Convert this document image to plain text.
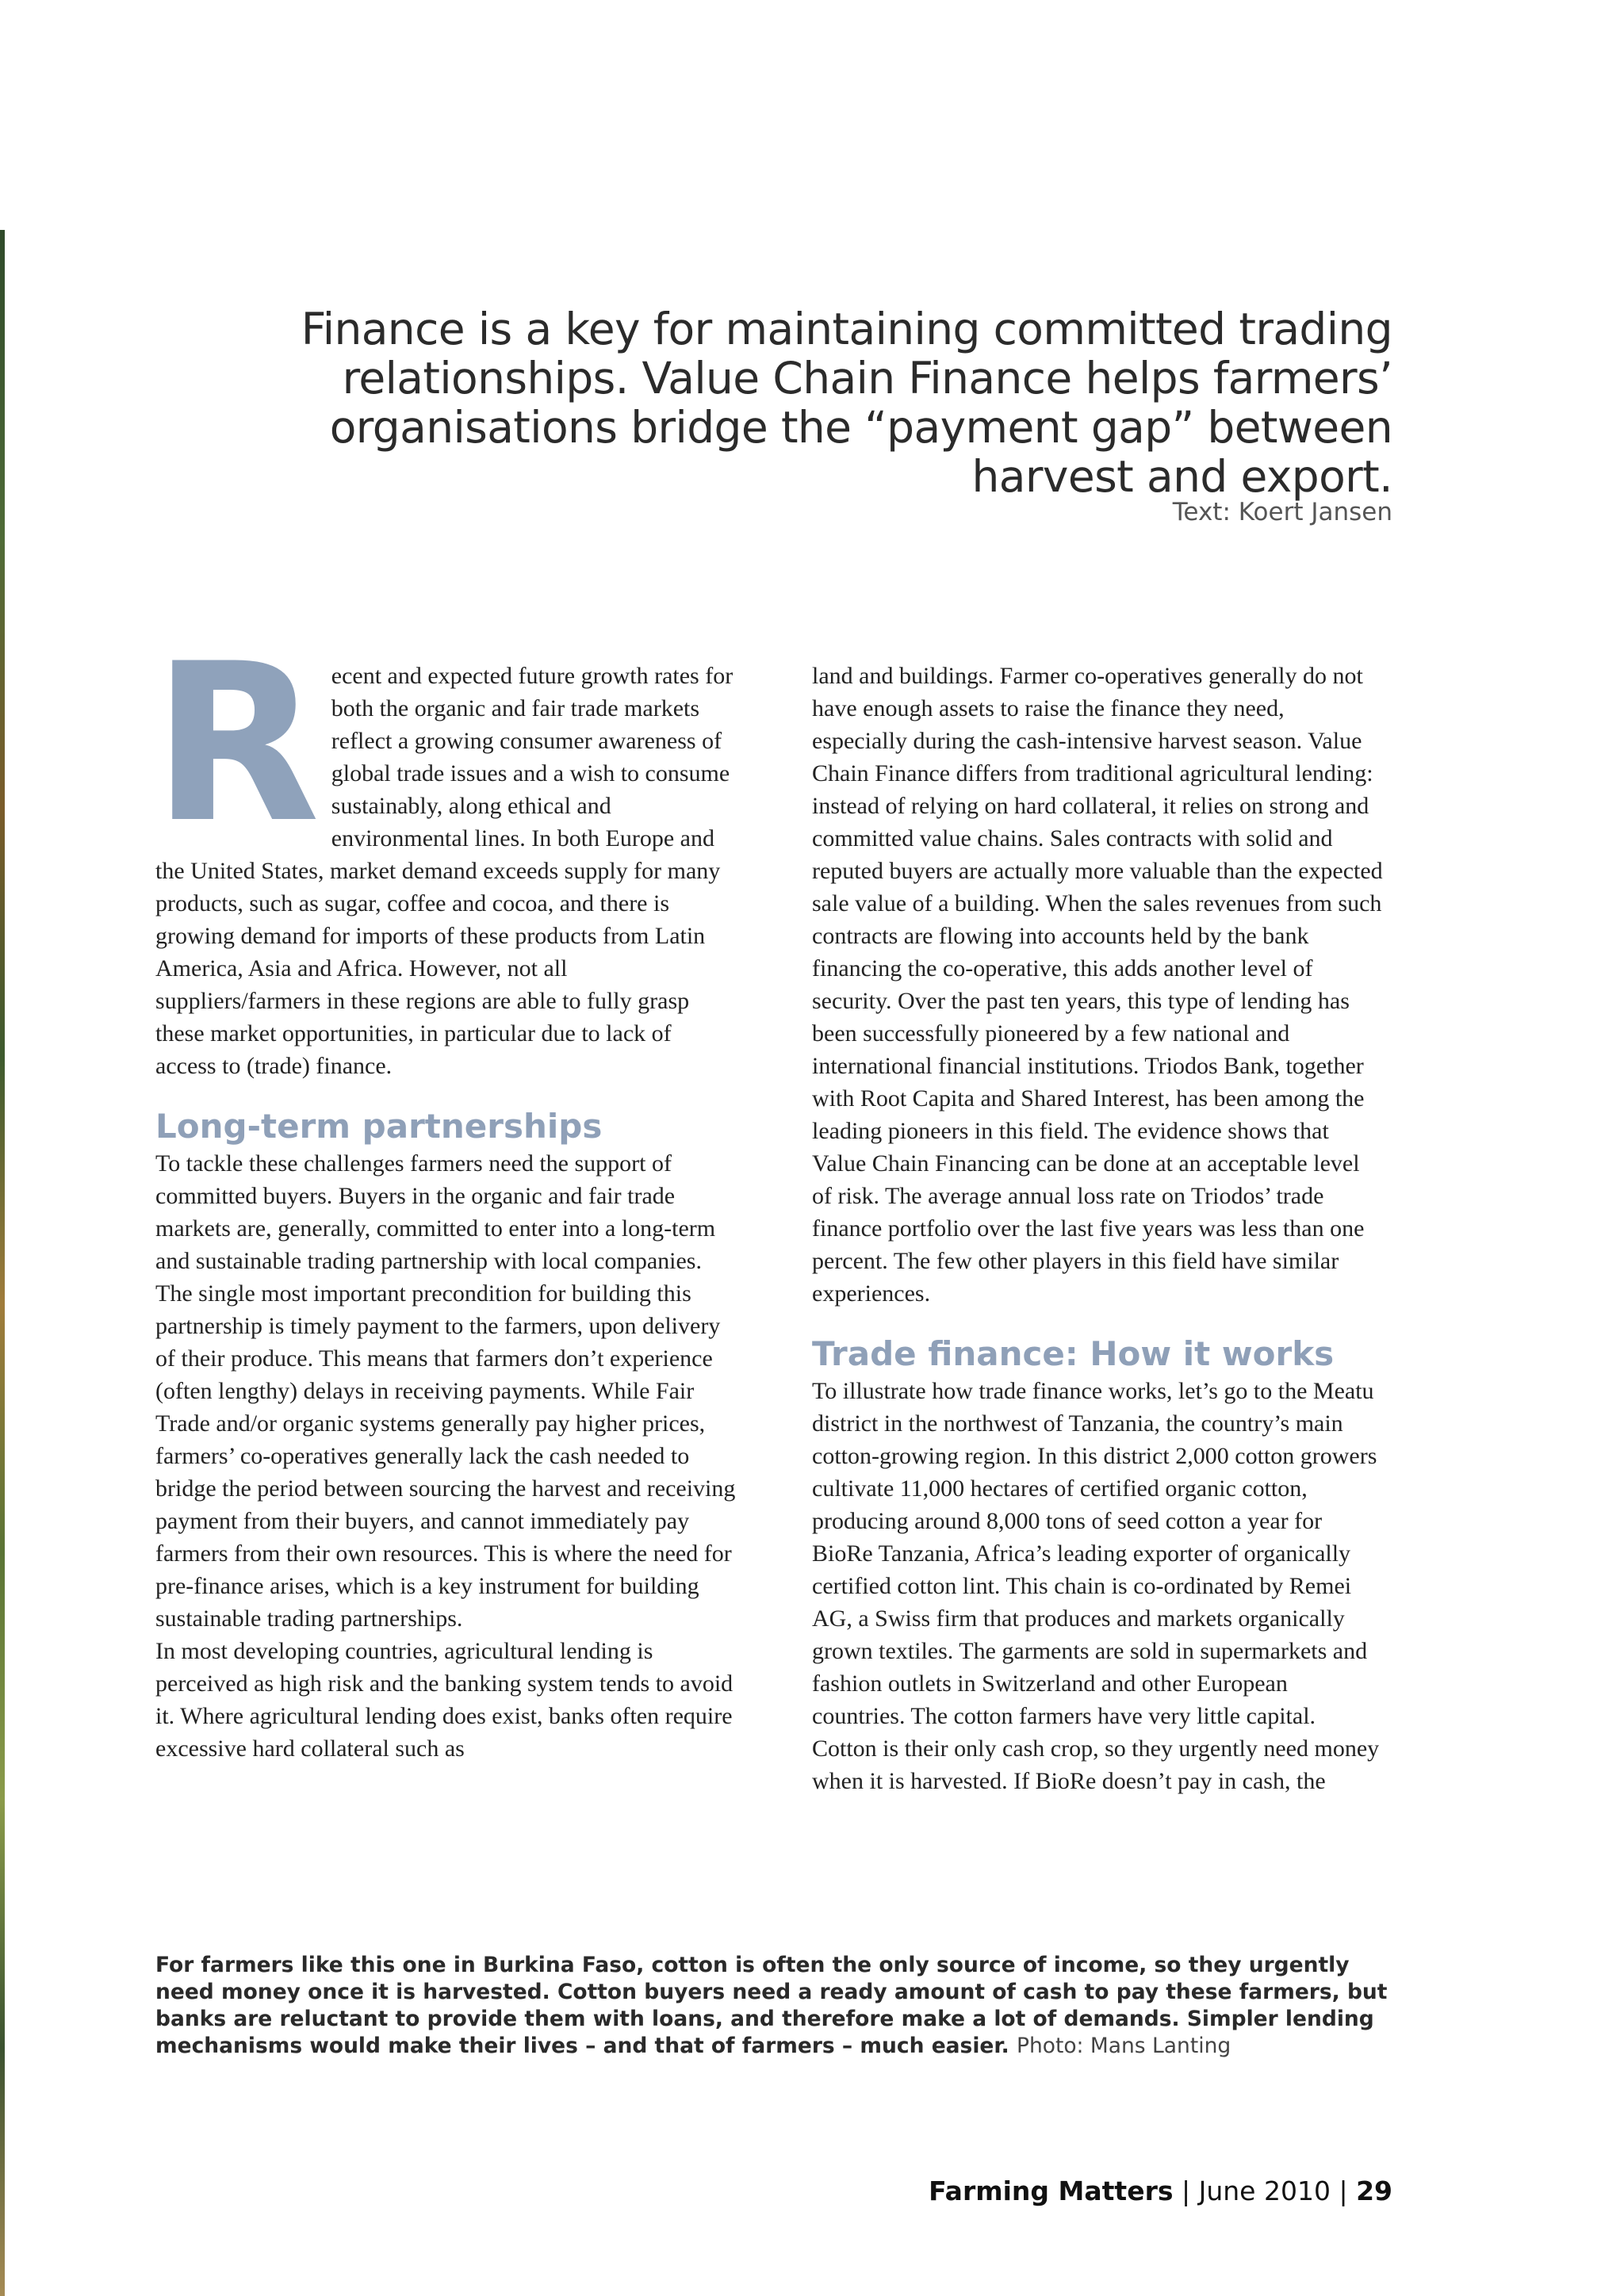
Finance is a key for maintaining committed trading relationships. Value Chain Finance helps farmers’ organisations bridge the “payment gap” between harvest and export.

Text: Koert Jansen

Recent and expected future growth rates for both the organic and fair trade markets reflect a growing consumer awareness of global trade issues and a wish to consume sustainably, along ethical and environmental lines. In both Europe and the United States, market demand exceeds supply for many products, such as sugar, coffee and cocoa, and there is growing demand for imports of these products from Latin America, Asia and Africa. However, not all suppliers/farmers in these regions are able to fully grasp these market opportunities, in particular due to lack of access to (trade) finance.

Long-term partnerships

To tackle these challenges farmers need the support of committed buyers. Buyers in the organic and fair trade markets are, generally, committed to enter into a long-term and sustainable trading partnership with local companies.

The single most important precondition for building this partnership is timely payment to the farmers, upon delivery of their produce. This means that farmers don’t experience (often lengthy) delays in receiving payments. While Fair Trade and/or organic systems generally pay higher prices, farmers’ co-operatives generally lack the cash needed to bridge the period between sourcing the harvest and receiving payment from their buyers, and cannot immediately pay farmers from their own resources. This is where the need for pre-finance arises, which is a key instrument for building sustainable trading partnerships.

In most developing countries, agricultural lending is perceived as high risk and the banking system tends to avoid it. Where agricultural lending does exist, banks often require excessive hard collateral such as

land and buildings. Farmer co-operatives generally do not have enough assets to raise the finance they need, especially during the cash-intensive harvest season. Value Chain Finance differs from traditional agricultural lending: instead of relying on hard collateral, it relies on strong and committed value chains. Sales contracts with solid and reputed buyers are actually more valuable than the expected sale value of a building. When the sales revenues from such contracts are flowing into accounts held by the bank financing the co-operative, this adds another level of security. Over the past ten years, this type of lending has been successfully pioneered by a few national and international financial institutions. Triodos Bank, together with Root Capita and Shared Interest, has been among the leading pioneers in this field. The evidence shows that Value Chain Financing can be done at an acceptable level of risk. The average annual loss rate on Triodos’ trade finance portfolio over the last five years was less than one percent. The few other players in this field have similar experiences.

Trade finance: How it works

To illustrate how trade finance works, let’s go to the Meatu district in the northwest of Tanzania, the country’s main cotton-growing region. In this district 2,000 cotton growers cultivate 11,000 hectares of certified organic cotton, producing around 8,000 tons of seed cotton a year for BioRe Tanzania, Africa’s leading exporter of organically certified cotton lint. This chain is co-ordinated by Remei AG, a Swiss firm that produces and markets organically grown textiles. The garments are sold in supermarkets and fashion outlets in Switzerland and other European countries. The cotton farmers have very little capital. Cotton is their only cash crop, so they urgently need money when it is harvested. If BioRe doesn’t pay in cash, the

For farmers like this one in Burkina Faso, cotton is often the only source of income, so they urgently need money once it is harvested. Cotton buyers need a ready amount of cash to pay these farmers, but banks are reluctant to provide them with loans, and therefore make a lot of demands. Simpler lending mechanisms would make their lives – and that of farmers – much easier. Photo: Mans Lanting
Farming Matters | June 2010 | 29
